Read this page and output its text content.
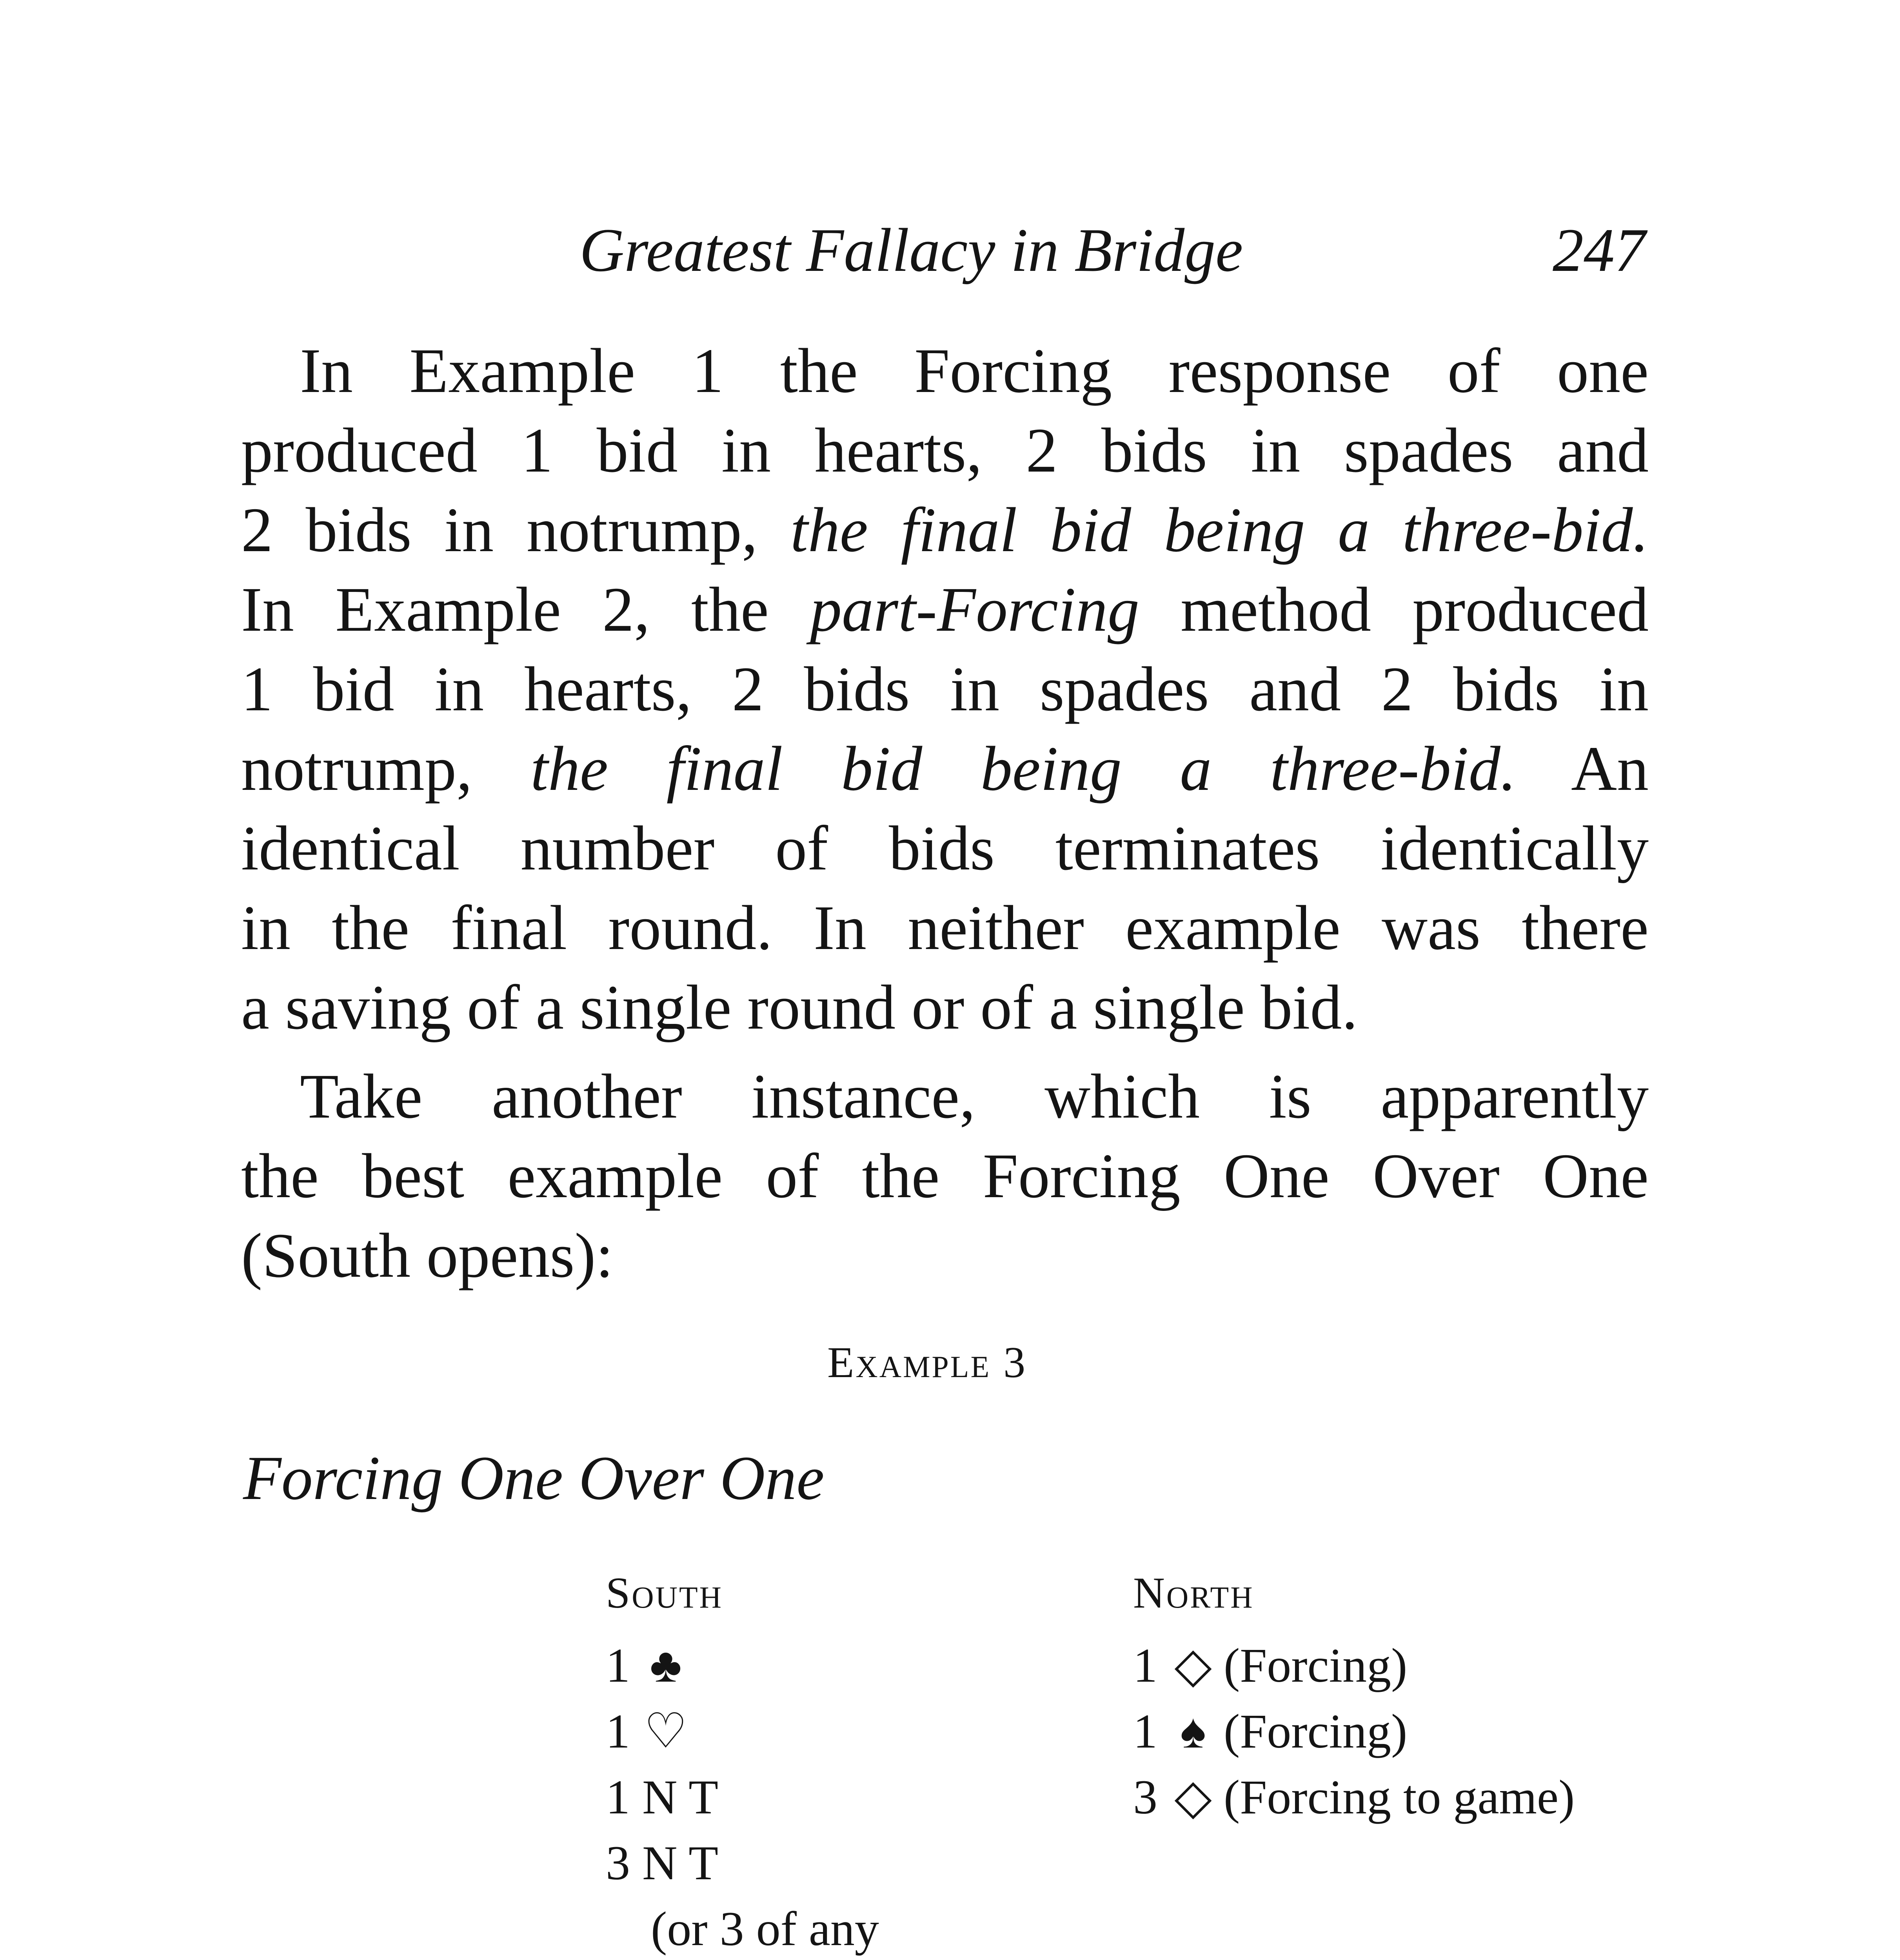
Greatest Fallacy in Bridge	247

In Example 1 the Forcing response of one
produced 1 bid in hearts, 2 bids in spades and
2 bids in notrump, the final bid being a three-bid.
In Example 2, the part-Forcing method produced
1 bid in hearts, 2 bids in spades and 2 bids in
notrump, the final bid being a three-bid. An
identical number of bids terminates identically
in the final round. In neither example was there
a saving of a single round or of a single bid.

Take another instance, which is apparently
the best example of the Forcing One Over One
(South opens):

Example 3
Forcing One Over One
South	North
1 ♣
1 ♡
1 N T
3 N T
(or 3 of any
1 ◇ (Forcing)
1 ♠ (Forcing)
3 ◇ (Forcing to game)
